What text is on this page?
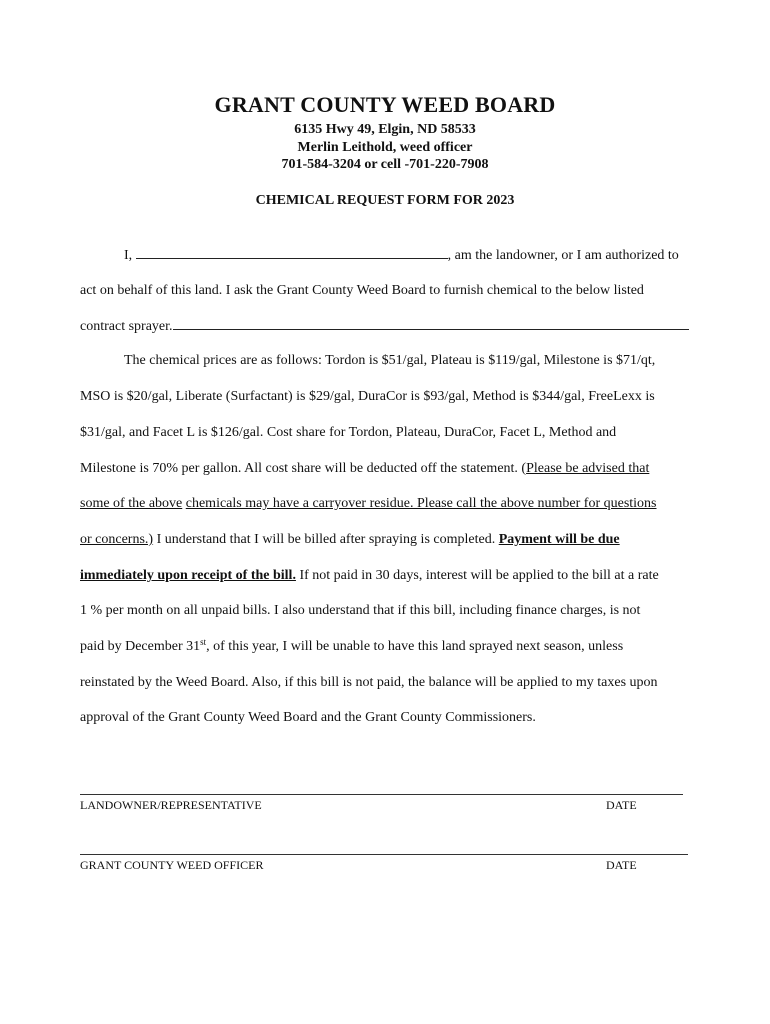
GRANT COUNTY WEED BOARD
6135 Hwy 49, Elgin, ND 58533
Merlin Leithold, weed officer
701-584-3204 or cell -701-220-7908
CHEMICAL REQUEST FORM FOR 2023
I,	, am the landowner, or I am authorized to
act on behalf of this land. I ask the Grant County Weed Board to furnish chemical to the below listed
contract sprayer.
The chemical prices are as follows: Tordon is $51/gal, Plateau is $119/gal, Milestone is $71/qt,
MSO is $20/gal, Liberate (Surfactant) is $29/gal, DuraCor is $93/gal, Method is $344/gal, FreeLexx is
$31/gal, and Facet L is $126/gal. Cost share for Tordon, Plateau, DuraCor, Facet L, Method and
Milestone is 70% per gallon. All cost share will be deducted off the statement. (Please be advised that
some of the above chemicals may have a carryover residue. Please call the above number for questions
or concerns.) I understand that I will be billed after spraying is completed. Payment will be due
immediately upon receipt of the bill. If not paid in 30 days, interest will be applied to the bill at a rate
1 % per month on all unpaid bills. I also understand that if this bill, including finance charges, is not
paid by December 31st, of this year, I will be unable to have this land sprayed next season, unless
reinstated by the Weed Board. Also, if this bill is not paid, the balance will be applied to my taxes upon
approval of the Grant County Weed Board and the Grant County Commissioners.
LANDOWNER/REPRESENTATIVE	DATE
GRANT COUNTY WEED OFFICER	DATE
